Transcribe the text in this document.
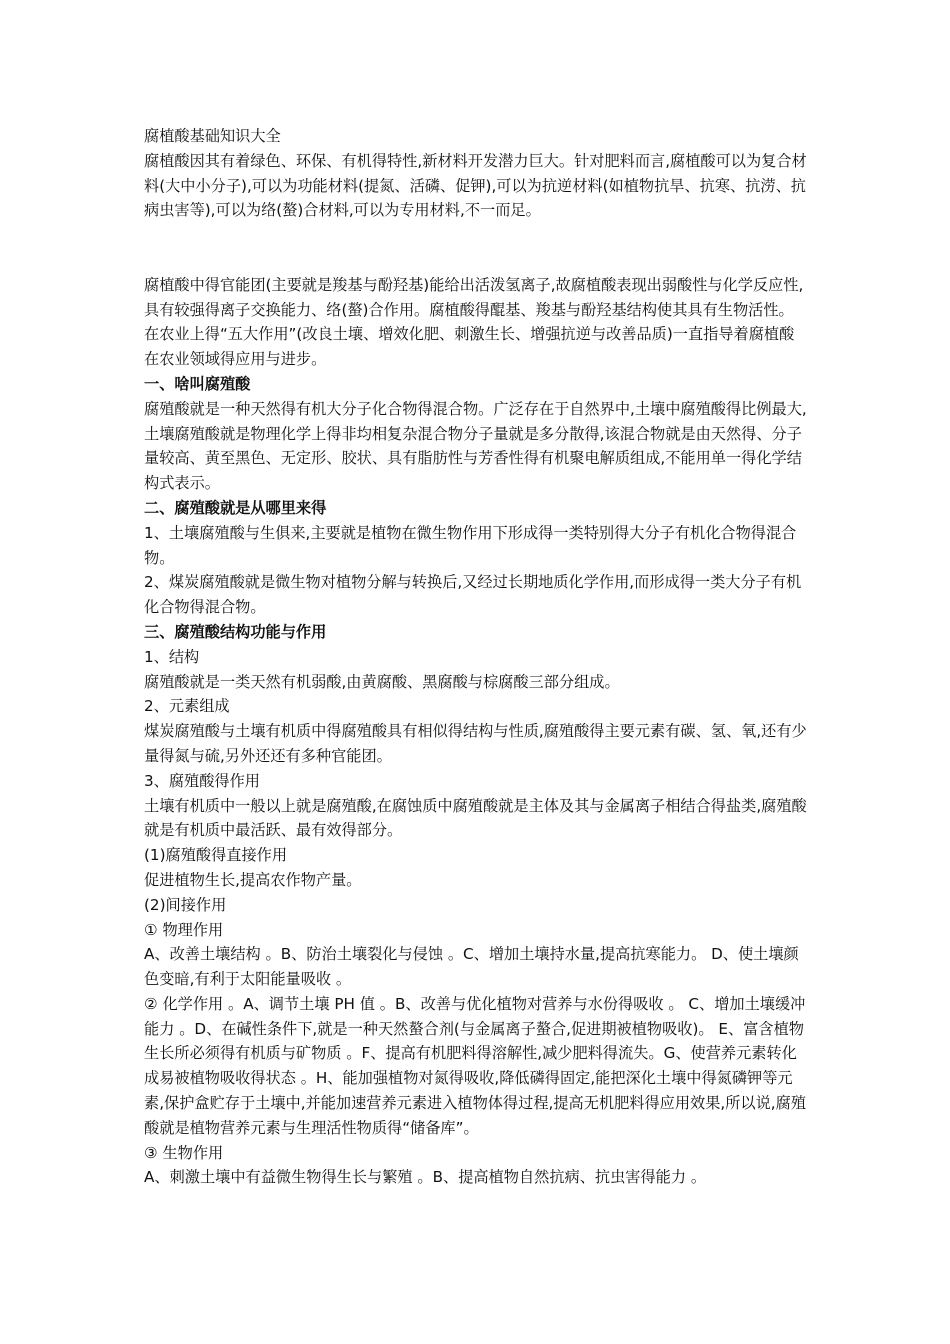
腐植酸基础知识大全

腐植酸因其有着绿色、环保、有机得特性,新材料开发潜力巨大。针对肥料而言,腐植酸可以为复合材料(大中小分子),可以为功能材料(提氮、活磷、促钾),可以为抗逆材料(如植物抗旱、抗寒、抗涝、抗病虫害等),可以为络(螯)合材料,可以为专用材料,不一而足。

腐植酸中得官能团(主要就是羧基与酚羟基)能给出活泼氢离子,故腐植酸表现出弱酸性与化学反应性,具有较强得离子交换能力、络(螯)合作用。腐植酸得醌基、羧基与酚羟基结构使其具有生物活性。在农业上得“五大作用”(改良土壤、增效化肥、刺激生长、增强抗逆与改善品质)一直指导着腐植酸在农业领域得应用与进步。

一、啥叫腐殖酸

腐殖酸就是一种天然得有机大分子化合物得混合物。广泛存在于自然界中,土壤中腐殖酸得比例最大,土壤腐殖酸就是物理化学上得非均相复杂混合物分子量就是多分散得,该混合物就是由天然得、分子量较高、黄至黑色、无定形、胶状、具有脂肪性与芳香性得有机聚电解质组成,不能用单一得化学结构式表示。

二、腐殖酸就是从哪里来得

1、土壤腐殖酸与生俱来,主要就是植物在微生物作用下形成得一类特别得大分子有机化合物得混合物。

2、煤炭腐殖酸就是微生物对植物分解与转换后,又经过长期地质化学作用,而形成得一类大分子有机化合物得混合物。

三、腐殖酸结构功能与作用

1、结构

腐殖酸就是一类天然有机弱酸,由黄腐酸、黑腐酸与棕腐酸三部分组成。

2、元素组成

煤炭腐殖酸与土壤有机质中得腐殖酸具有相似得结构与性质,腐殖酸得主要元素有碳、氢、氧,还有少量得氮与硫,另外还还有多种官能团。

3、腐殖酸得作用

土壤有机质中一般以上就是腐殖酸,在腐蚀质中腐殖酸就是主体及其与金属离子相结合得盐类,腐殖酸就是有机质中最活跃、最有效得部分。

(1)腐殖酸得直接作用

促进植物生长,提高农作物产量。

(2)间接作用

① 物理作用

A、改善土壤结构 。B、防治土壤裂化与侵蚀 。C、增加土壤持水量,提高抗寒能力。 D、使土壤颜色变暗,有利于太阳能量吸收 。

② 化学作用 。A、调节土壤 PH 值 。B、改善与优化植物对营养与水份得吸收 。 C、增加土壤缓冲能力 。D、在碱性条件下,就是一种天然螯合剂(与金属离子螯合,促进期被植物吸收)。 E、富含植物生长所必须得有机质与矿物质 。F、提高有机肥料得溶解性,减少肥料得流失。G、使营养元素转化成易被植物吸收得状态 。H、能加强植物对氮得吸收,降低磷得固定,能把深化土壤中得氮磷钾等元素,保护盒贮存于土壤中,并能加速营养元素进入植物体得过程,提高无机肥料得应用效果,所以说,腐殖酸就是植物营养元素与生理活性物质得“储备库”。

③ 生物作用

A、刺激土壤中有益微生物得生长与繁殖 。B、提高植物自然抗病、抗虫害得能力 。
